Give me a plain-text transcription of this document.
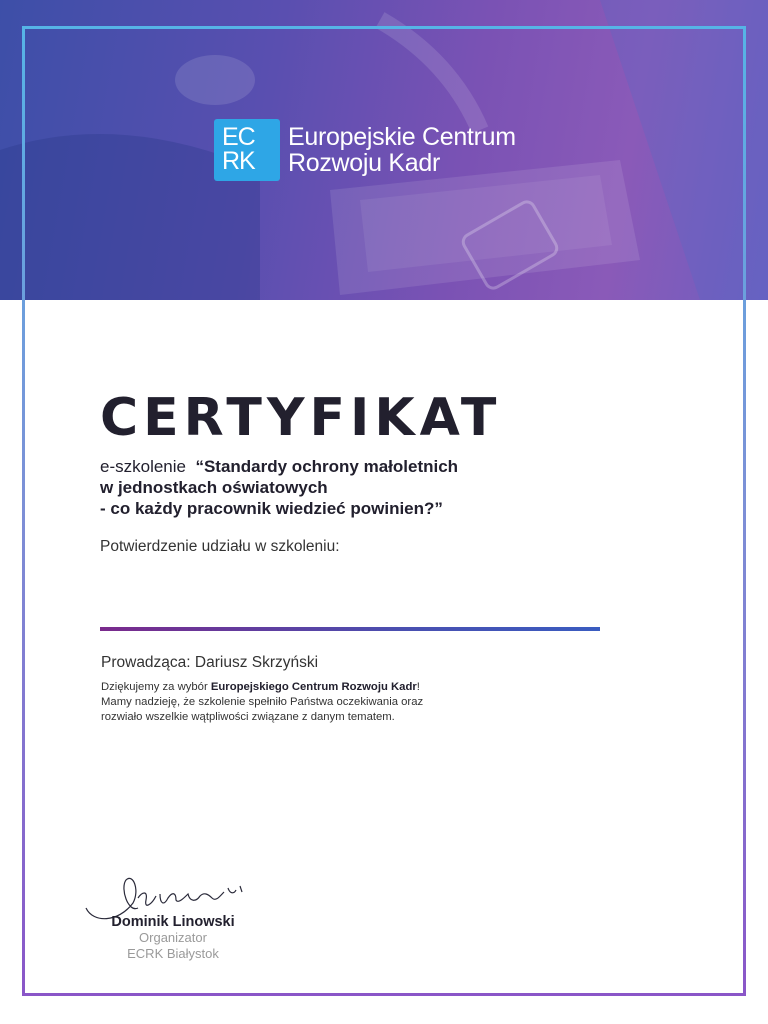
EC
RK
Europejskie Centrum
Rozwoju Kadr
CERTYFIKAT
e-szkolenie “Standardy ochrony małoletnich
w jednostkach oświatowych
- co każdy pracownik wiedzieć powinien?”
Potwierdzenie udziału w szkoleniu:
Prowadząca: Dariusz Skrzyński
Dziękujemy za wybór Europejskiego Centrum Rozwoju Kadr!
Mamy nadzieję, że szkolenie spełniło Państwa oczekiwania oraz
rozwiało wszelkie wątpliwości związane z danym tematem.
Dominik Linowski
Organizator
ECRK Białystok
